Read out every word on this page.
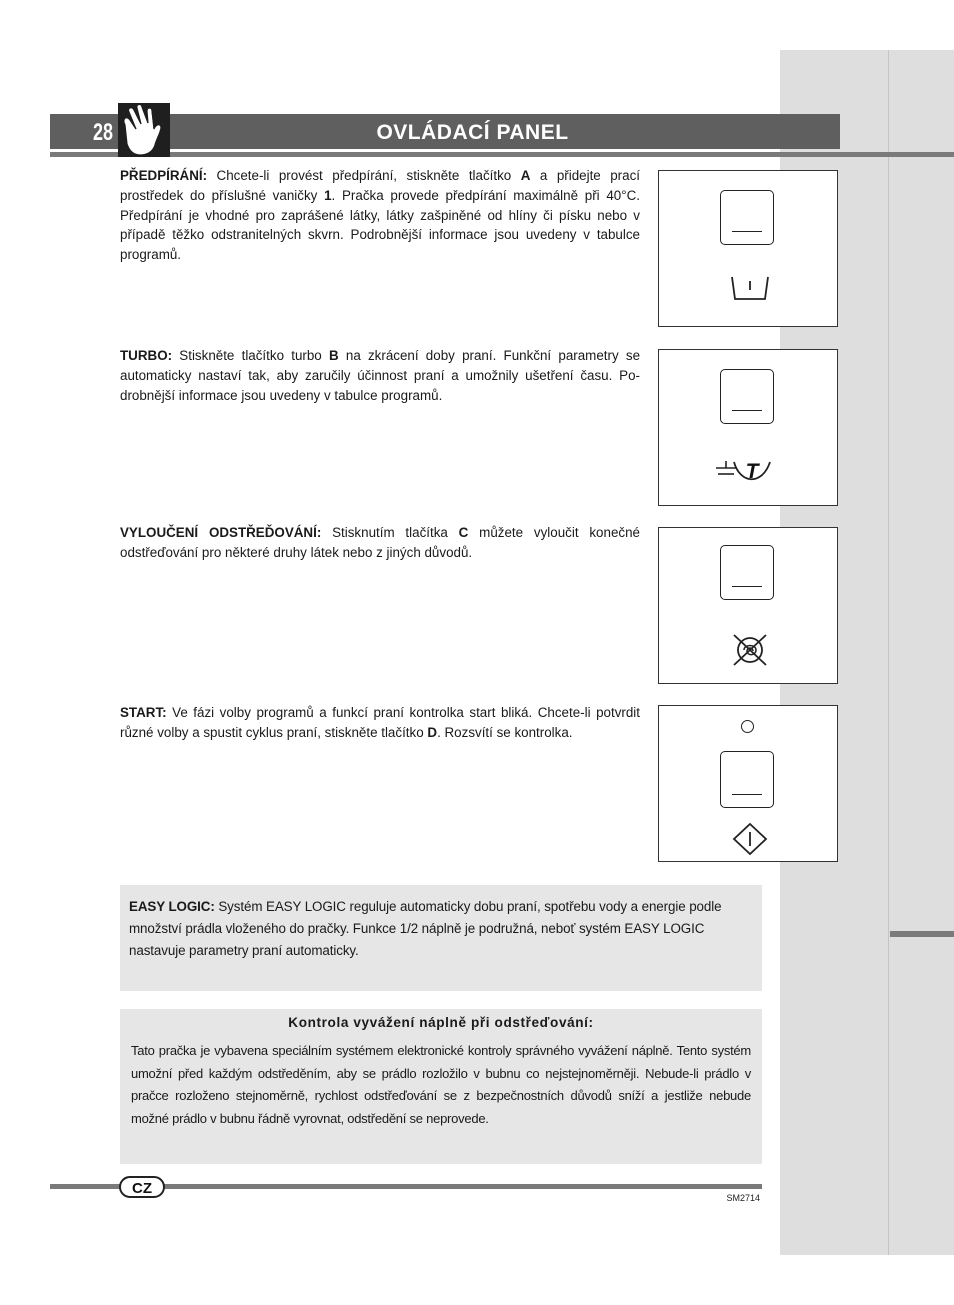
28	OVLÁDACÍ PANEL

PŘEDPÍRÁNÍ: Chcete-li provést předpírání, stiskněte tlačítko A a přidejte prací prostředek do příslušné vaničky 1. Pračka provede předpírání maximálně při 40°C. Předpírání je vhodné pro zaprášené látky, látky zašpiněné od hlíny či písku nebo v případě těžko odstranitelných skvrn. Podrobnější informace jsou uvedeny v tabulce programů.

TURBO: Stiskněte tlačítko turbo B na zkrácení doby praní. Funkční parametry se automaticky nastaví tak, aby zaručily účinnost praní a umožnily ušetření času. Podrobnější informace jsou uvedeny v tabulce programů.

T

VYLOUČENÍ ODSTŘEĎOVÁNÍ: Stisknutím tlačítka C můžete vyloučit konečné odstřeďování pro některé druhy látek nebo z jiných důvodů.

START: Ve fázi volby programů a funkcí praní kontrolka start bliká. Chcete-li potvrdit různé volby a spustit cyklus praní, stiskněte tlačítko D. Rozsvítí se kontrolka.

EASY LOGIC: Systém EASY LOGIC reguluje automaticky dobu praní, spotřebu vody a energie podle množství prádla vloženého do pračky. Funkce 1/2 náplně je podružná, neboť systém EASY LOGIC nastavuje parametry praní automaticky.

Kontrola vyvážení náplně při odstřeďování:

Tato pračka je vybavena speciálním systémem elektronické kontroly správného vyvážení náplně. Tento systém umožní před každým odstředěním, aby se prádlo rozložilo v bubnu co nejstejnoměrněji. Nebude-li prádlo v pračce rozloženo stejnoměrně, rychlost odstřeďování se z bezpečnostních důvodů sníží a jestliže nebude možné prádlo v bubnu řádně vyrovnat, odstředění se neprovede.

CZ
SM2714
